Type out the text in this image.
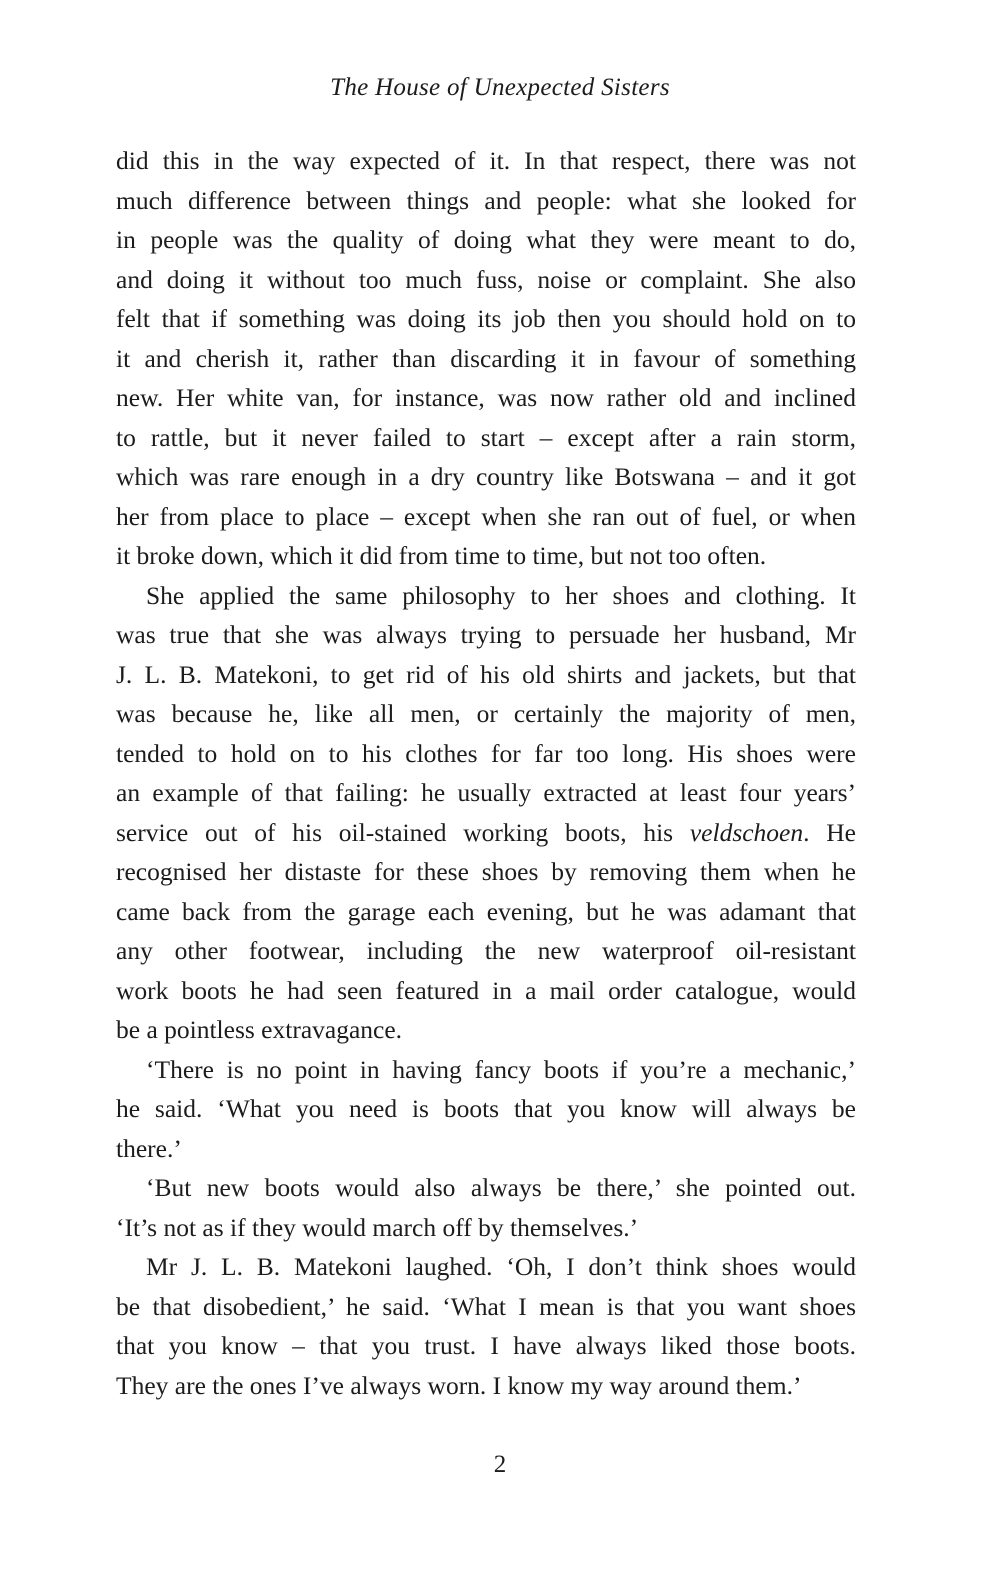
The House of Unexpected Sisters

did this in the way expected of it. In that respect, there was not

much difference between things and people: what she looked for

in people was the quality of doing what they were meant to do,

and doing it without too much fuss, noise or complaint. She also

felt that if something was doing its job then you should hold on to

it and cherish it, rather than discarding it in favour of something

new. Her white van, for instance, was now rather old and inclined

to rattle, but it never failed to start – except after a rain storm,

which was rare enough in a dry country like Botswana – and it got

her from place to place – except when she ran out of fuel, or when

it broke down, which it did from time to time, but not too often.

She applied the same philosophy to her shoes and clothing. It

was true that she was always trying to persuade her husband, Mr

J. L. B. Matekoni, to get rid of his old shirts and jackets, but that

was because he, like all men, or certainly the majority of men,

tended to hold on to his clothes for far too long. His shoes were

an example of that failing: he usually extracted at least four years’

service out of his oil-stained working boots, his veldschoen. He

recognised her distaste for these shoes by removing them when he

came back from the garage each evening, but he was adamant that

any other footwear, including the new waterproof oil-resistant

work boots he had seen featured in a mail order catalogue, would

be a pointless extravagance.

‘There is no point in having fancy boots if you’re a mechanic,’

he said. ‘What you need is boots that you know will always be

there.’

‘But new boots would also always be there,’ she pointed out.

‘It’s not as if they would march off by themselves.’

Mr J. L. B. Matekoni laughed. ‘Oh, I don’t think shoes would

be that disobedient,’ he said. ‘What I mean is that you want shoes

that you know – that you trust. I have always liked those boots.

They are the ones I’ve always worn. I know my way around them.’

2
